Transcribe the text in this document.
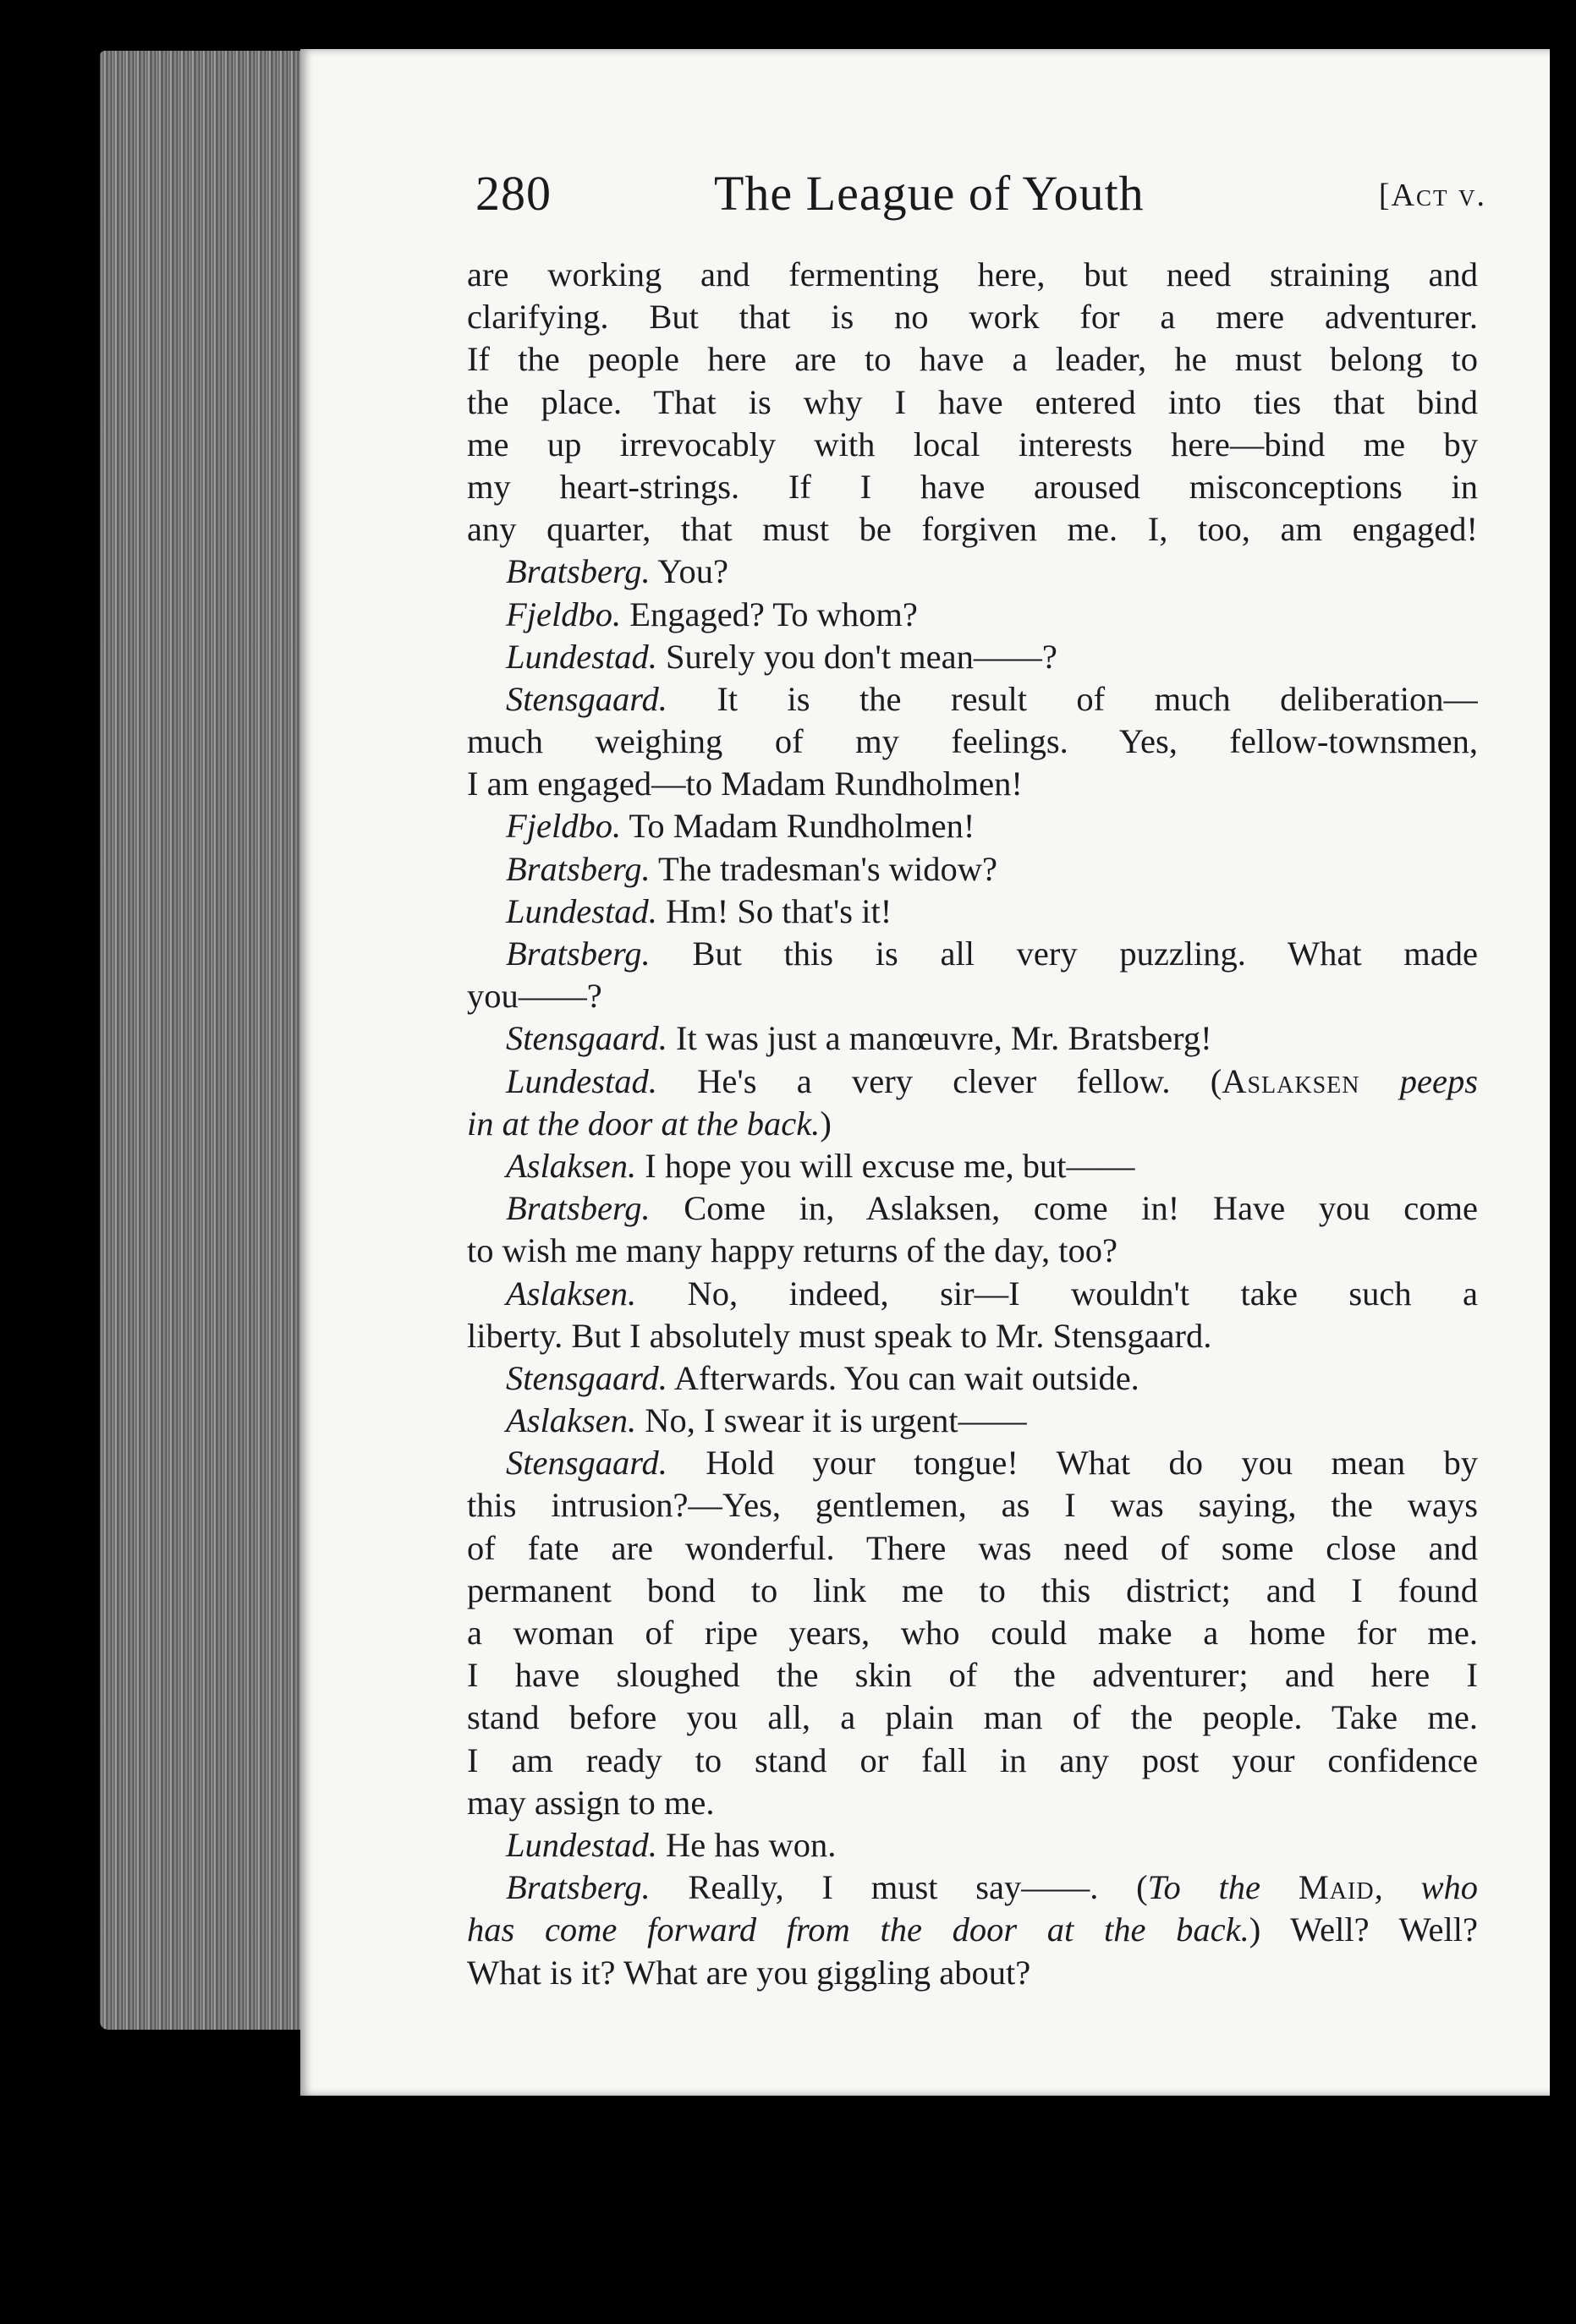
280	The League of Youth	[Act v.
are working and fermenting here, but need straining and
clarifying. But that is no work for a mere adventurer.
If the people here are to have a leader, he must belong to
the place. That is why I have entered into ties that bind
me up irrevocably with local interests here—bind me by
my heart-strings. If I have aroused misconceptions in
any quarter, that must be forgiven me. I, too, am engaged!
Bratsberg. You?
Fjeldbo. Engaged? To whom?
Lundestad. Surely you don't mean——?
Stensgaard. It is the result of much deliberation—
much weighing of my feelings. Yes, fellow-townsmen,
I am engaged—to Madam Rundholmen!
Fjeldbo. To Madam Rundholmen!
Bratsberg. The tradesman's widow?
Lundestad. Hm! So that's it!
Bratsberg. But this is all very puzzling. What made
you——?
Stensgaard. It was just a manœuvre, Mr. Bratsberg!
Lundestad. He's a very clever fellow. (Aslaksen peeps
in at the door at the back.)
Aslaksen. I hope you will excuse me, but——
Bratsberg. Come in, Aslaksen, come in! Have you come
to wish me many happy returns of the day, too?
Aslaksen. No, indeed, sir—I wouldn't take such a
liberty. But I absolutely must speak to Mr. Stensgaard.
Stensgaard. Afterwards. You can wait outside.
Aslaksen. No, I swear it is urgent——
Stensgaard. Hold your tongue! What do you mean by
this intrusion?—Yes, gentlemen, as I was saying, the ways
of fate are wonderful. There was need of some close and
permanent bond to link me to this district; and I found
a woman of ripe years, who could make a home for me.
I have sloughed the skin of the adventurer; and here I
stand before you all, a plain man of the people. Take me.
I am ready to stand or fall in any post your confidence
may assign to me.
Lundestad. He has won.
Bratsberg. Really, I must say——. (To the Maid, who
has come forward from the door at the back.) Well? Well?
What is it? What are you giggling about?
